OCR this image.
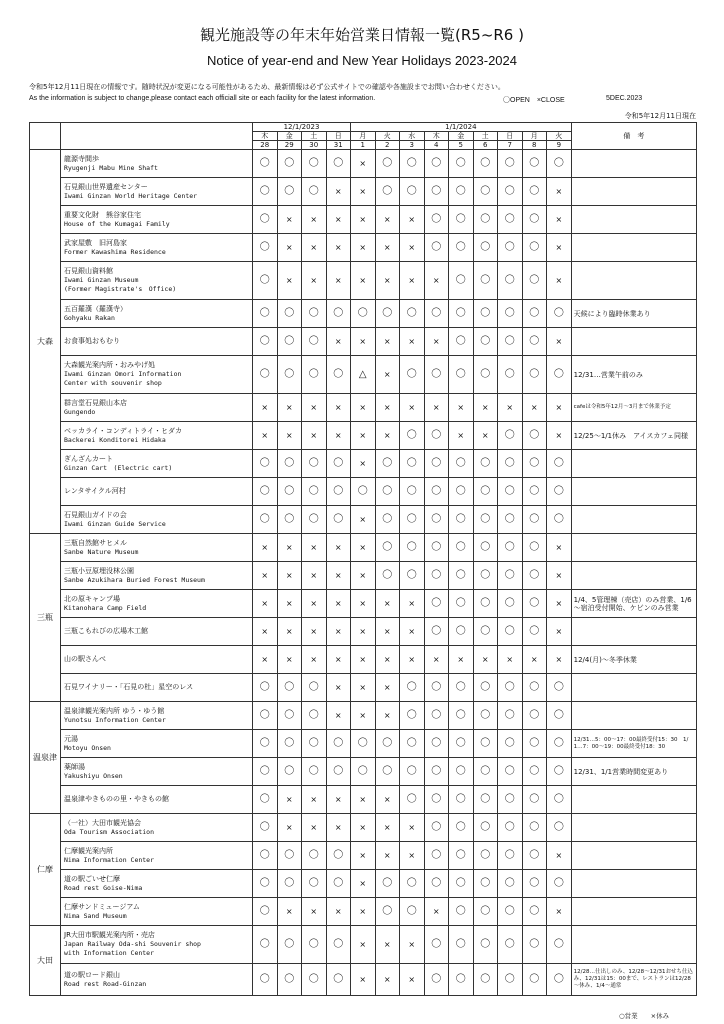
観光施設等の年末年始営業日情報一覧(R5~R6 )
Notice of year-end and New Year Holidays 2023-2024
令和5年12月11日現在の情報です。随時状況が変更になる可能性があるため、最新情報は必ず公式サイトでの確認や各施設までお問い合わせください。
As the information is subject to change,please contact each officiall site or each facility for the latest information.	〇OPEN　×CLOSE	5DEC.2023
令和5年12月11日現在
		12/1/2023				1/1/2024									備　考
		木	金	土	日	月	火	水	木	金	土	日	月	火	
		28	29	30	31	1	2	3	4	5	6	7	8	9	
大森	龍源寺間歩
Ryugenji Mabu Mine Shaft	〇	〇	〇	〇	×	〇	〇	〇	〇	〇	〇	〇	〇	

	石見銀山世界遺産センター
Iwami Ginzan World Heritage Center	〇	〇	〇	×	×	〇	〇	〇	〇	〇	〇	〇	×	

	重要文化財　熊谷家住宅
House of the Kumagai Family	〇	×	×	×	×	×	×	〇	〇	〇	〇	〇	×	

	武家屋敷　旧河島家
Former Kawashima Residence	〇	×	×	×	×	×	×	〇	〇	〇	〇	〇	×	

	石見銀山資料館
Iwami Ginzan Museum
(Former Magistrate's　Office)	〇	×	×	×	×	×	×	×	〇	〇	〇	〇	×	

	五百羅漢（羅漢寺）
Gohyaku Rakan	〇	〇	〇	〇	〇	〇	〇	〇	〇	〇	〇	〇	〇	天候により臨時休業あり

	お食事処おもむり	〇	〇	〇	×	×	×	×	×	〇	〇	〇	〇	×	

	大森観光案内所・おみやげ処
Iwami Ginzan Omori Information
Center with souvenir shop	〇	〇	〇	〇	△	×	〇	〇	〇	〇	〇	〇	〇	12/31…営業午前のみ

	群言堂石見銀山本店
Gungendo	×	×	×	×	×	×	×	×	×	×	×	×	×	cafeは令和5年12月～3月まで休業予定

	ベッカライ・コンディトライ・ヒダカ
Backerei Konditorei Hidaka	×	×	×	×	×	×	〇	〇	×	×	〇	〇	×	12/25～1/1休み　アイスカフェ同様

	ぎんざんカート
Ginzan Cart　(Electric cart)	〇	〇	〇	〇	×	〇	〇	〇	〇	〇	〇	〇	〇	

	レンタサイクル河村	〇	〇	〇	〇	〇	〇	〇	〇	〇	〇	〇	〇	〇	

	石見銀山ガイドの会
Iwami Ginzan Guide Service	〇	〇	〇	〇	×	〇	〇	〇	〇	〇	〇	〇	〇	
三瓶	三瓶自然館サヒメル
Sanbe Nature Museum	×	×	×	×	×	〇	〇	〇	〇	〇	〇	〇	×	

	三瓶小豆原埋没林公園
Sanbe Azukihara Buried Forest Museum	×	×	×	×	×	〇	〇	〇	〇	〇	〇	〇	×	

	北の原キャンプ場
Kitanohara Camp Field	×	×	×	×	×	×	×	〇	〇	〇	〇	〇	×	1/4、5管理棟（売店）のみ営業、1/6～宿泊受付開始、ケビンのみ営業

	三瓶こもれびの広場木工館	×	×	×	×	×	×	×	〇	〇	〇	〇	〇	×	

	山の駅さんべ	×	×	×	×	×	×	×	×	×	×	×	×	×	12/4(月)～冬季休業

	石見ワイナリー・「石見の杜」星空のレス	〇	〇	〇	×	×	×	〇	〇	〇	〇	〇	〇	〇	
温泉津	温泉津観光案内所 ゆう・ゆう館
Yunotsu Information Center	〇	〇	〇	×	×	×	〇	〇	〇	〇	〇	〇	〇	

	元湯
Motoyu Onsen	〇	〇	〇	〇	〇	〇	〇	〇	〇	〇	〇	〇	〇	12/31…5：00～17：00最終受付15：30　1/1…7：00～19：00最終受付18：30

	薬師湯
Yakushiyu Onsen	〇	〇	〇	〇	〇	〇	〇	〇	〇	〇	〇	〇	〇	12/31、1/1営業時間変更あり

	温泉津やきものの里・やきもの館	〇	×	×	×	×	×	〇	〇	〇	〇	〇	〇	〇	
仁摩	（一社）大田市観光協会
Oda Tourism Association	〇	×	×	×	×	×	×	〇	〇	〇	〇	〇	〇	

	仁摩観光案内所
Nima Information Center	〇	〇	〇	〇	×	×	×	〇	〇	〇	〇	〇	×	

	道の駅ごいせ仁摩
Road rest Goise-Nima	〇	〇	〇	〇	×	〇	〇	〇	〇	〇	〇	〇	〇	

	仁摩サンドミュージアム
Nima Sand Museum	〇	×	×	×	×	〇	〇	×	〇	〇	〇	〇	×	
大田	JR大田市駅観光案内所・売店
Japan Railway Oda-shi Souvenir shop
with Information Center	〇	〇	〇	〇	×	×	×	〇	〇	〇	〇	〇	〇	

	道の駅ロード銀山
Road rest Road-Ginzan	〇	〇	〇	〇	×	×	×	〇	〇	〇	〇	〇	〇	12/28…仕出しのみ、12/28～12/31おせち仕込み、12/31は15：00まで、レストランは12/28～休み、1/4～通常
○営業　　×休み
